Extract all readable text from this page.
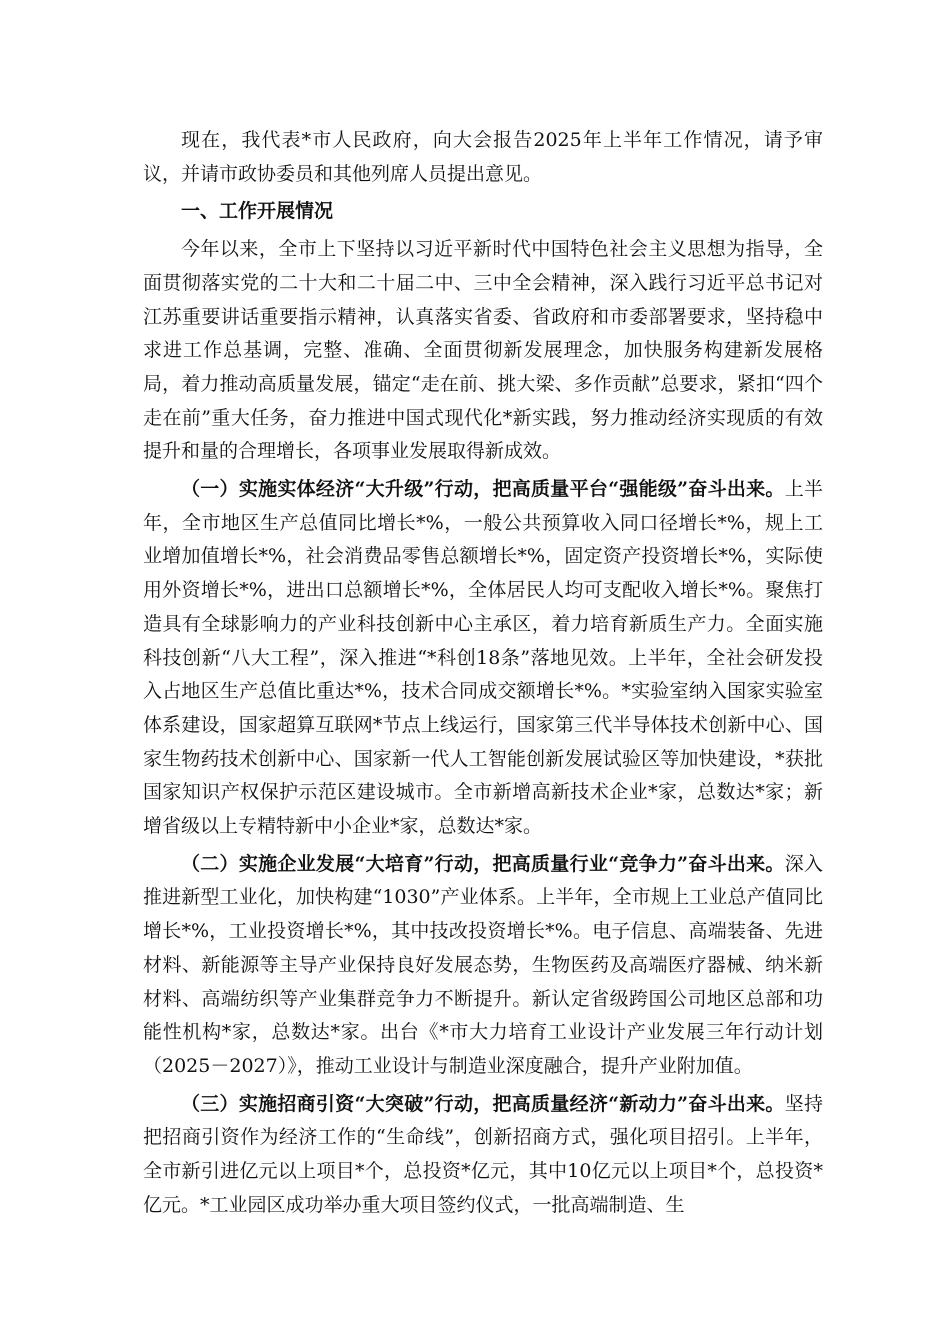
现在，我代表*市人民政府，向大会报告2025年上半年工作情况，请予审议，并请市政协委员和其他列席人员提出意见。

一、工作开展情况

今年以来，全市上下坚持以习近平新时代中国特色社会主义思想为指导，全面贯彻落实党的二十大和二十届二中、三中全会精神，深入践行习近平总书记对江苏重要讲话重要指示精神，认真落实省委、省政府和市委部署要求，坚持稳中求进工作总基调，完整、准确、全面贯彻新发展理念，加快服务构建新发展格局，着力推动高质量发展，锚定“走在前、挑大梁、多作贡献”总要求，紧扣“四个走在前”重大任务，奋力推进中国式现代化*新实践，努力推动经济实现质的有效提升和量的合理增长，各项事业发展取得新成效。

（一）实施实体经济“大升级”行动，把高质量平台“强能级”奋斗出来。上半年，全市地区生产总值同比增长*%，一般公共预算收入同口径增长*%，规上工业增加值增长*%，社会消费品零售总额增长*%，固定资产投资增长*%，实际使用外资增长*%，进出口总额增长*%，全体居民人均可支配收入增长*%。聚焦打造具有全球影响力的产业科技创新中心主承区，着力培育新质生产力。全面实施科技创新“八大工程”，深入推进“*科创18条”落地见效。上半年，全社会研发投入占地区生产总值比重达*%，技术合同成交额增长*%。*实验室纳入国家实验室体系建设，国家超算互联网*节点上线运行，国家第三代半导体技术创新中心、国家生物药技术创新中心、国家新一代人工智能创新发展试验区等加快建设，*获批国家知识产权保护示范区建设城市。全市新增高新技术企业*家，总数达*家；新增省级以上专精特新中小企业*家，总数达*家。

（二）实施企业发展“大培育”行动，把高质量行业“竞争力”奋斗出来。深入推进新型工业化，加快构建“1030”产业体系。上半年，全市规上工业总产值同比增长*%，工业投资增长*%，其中技改投资增长*%。电子信息、高端装备、先进材料、新能源等主导产业保持良好发展态势，生物医药及高端医疗器械、纳米新材料、高端纺织等产业集群竞争力不断提升。新认定省级跨国公司地区总部和功能性机构*家，总数达*家。出台《*市大力培育工业设计产业发展三年行动计划（2025－2027）》，推动工业设计与制造业深度融合，提升产业附加值。

（三）实施招商引资“大突破”行动，把高质量经济“新动力”奋斗出来。坚持把招商引资作为经济工作的“生命线”，创新招商方式，强化项目招引。上半年，全市新引进亿元以上项目*个，总投资*亿元，其中10亿元以上项目*个，总投资*亿元。*工业园区成功举办重大项目签约仪式，一批高端制造、生
